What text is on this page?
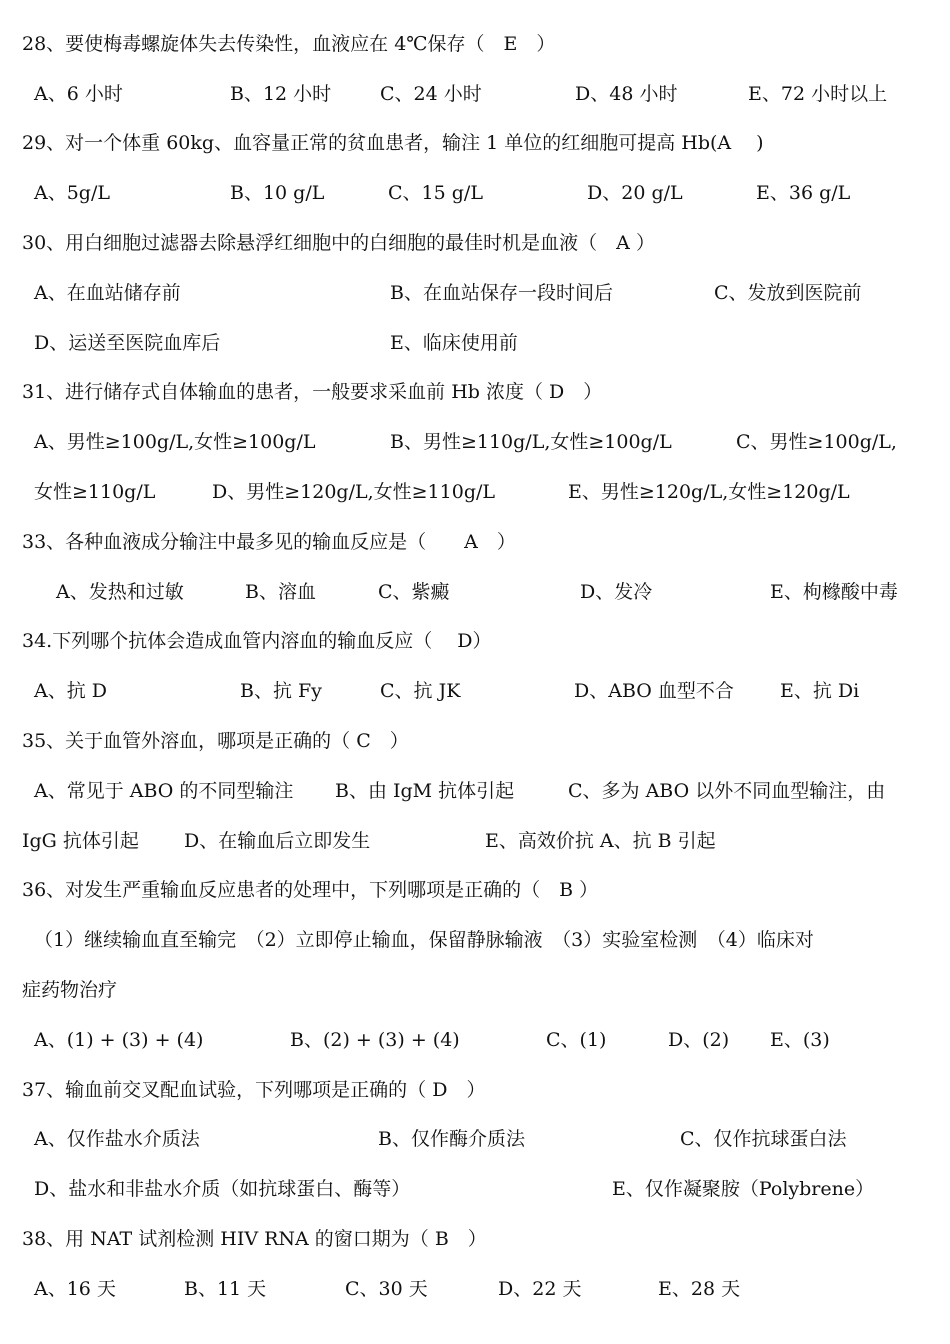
28、要使梅毒螺旋体失去传染性，血液应在 4℃保存（　E　）
A、6 小时	B、12 小时	C、24 小时	D、48 小时	E、72 小时以上
29、对一个体重 60kg、血容量正常的贫血患者，输注 1 单位的红细胞可提高 Hb(A　 )
A、5g/L	B、10 g/L	C、15 g/L	D、20 g/L	E、36 g/L
30、用白细胞过滤器去除悬浮红细胞中的白细胞的最佳时机是血液（　A ）
A、在血站储存前	B、在血站保存一段时间后	C、发放到医院前
D、运送至医院血库后	E、临床使用前
31、进行储存式自体输血的患者，一般要求采血前 Hb 浓度（ D　）
A、男性≥100g/L,女性≥100g/L	B、男性≥110g/L,女性≥100g/L	C、男性≥100g/L,
女性≥110g/L	D、男性≥120g/L,女性≥110g/L	E、男性≥120g/L,女性≥120g/L
33、各种血液成分输注中最多见的输血反应是（　　A　）
A、发热和过敏	B、溶血	C、紫癜	D、发冷	E、枸橼酸中毒
34.下列哪个抗体会造成血管内溶血的输血反应（　 D）
A、抗 D	B、抗 Fy	C、抗 JK	D、ABO 血型不合 E、抗 Di
35、关于血管外溶血，哪项是正确的（ C　）
A、常见于 ABO 的不同型输注 B、由 IgM 抗体引起	C、多为 ABO 以外不同血型输注，由
IgG 抗体引起 D、在输血后立即发生	E、高效价抗 A、抗 B 引起
36、对发生严重输血反应患者的处理中，下列哪项是正确的（　B ）
（1）继续输血直至输完　（2）立即停止输血，保留静脉输液　（3）实验室检测　（4）临床对
症药物治疗
A、(1) + (3) + (4)	B、(2) + (3) + (4)	C、(1)	D、(2) E、(3)
37、输血前交叉配血试验，下列哪项是正确的（ D　）
A、仅作盐水介质法	B、仅作酶介质法	C、仅作抗球蛋白法
D、盐水和非盐水介质（如抗球蛋白、酶等）	E、仅作凝聚胺（Polybrene）
38、用 NAT 试剂检测 HIV RNA 的窗口期为（ B　）
A、16 天	B、11 天	C、30 天	D、22 天	E、28 天
